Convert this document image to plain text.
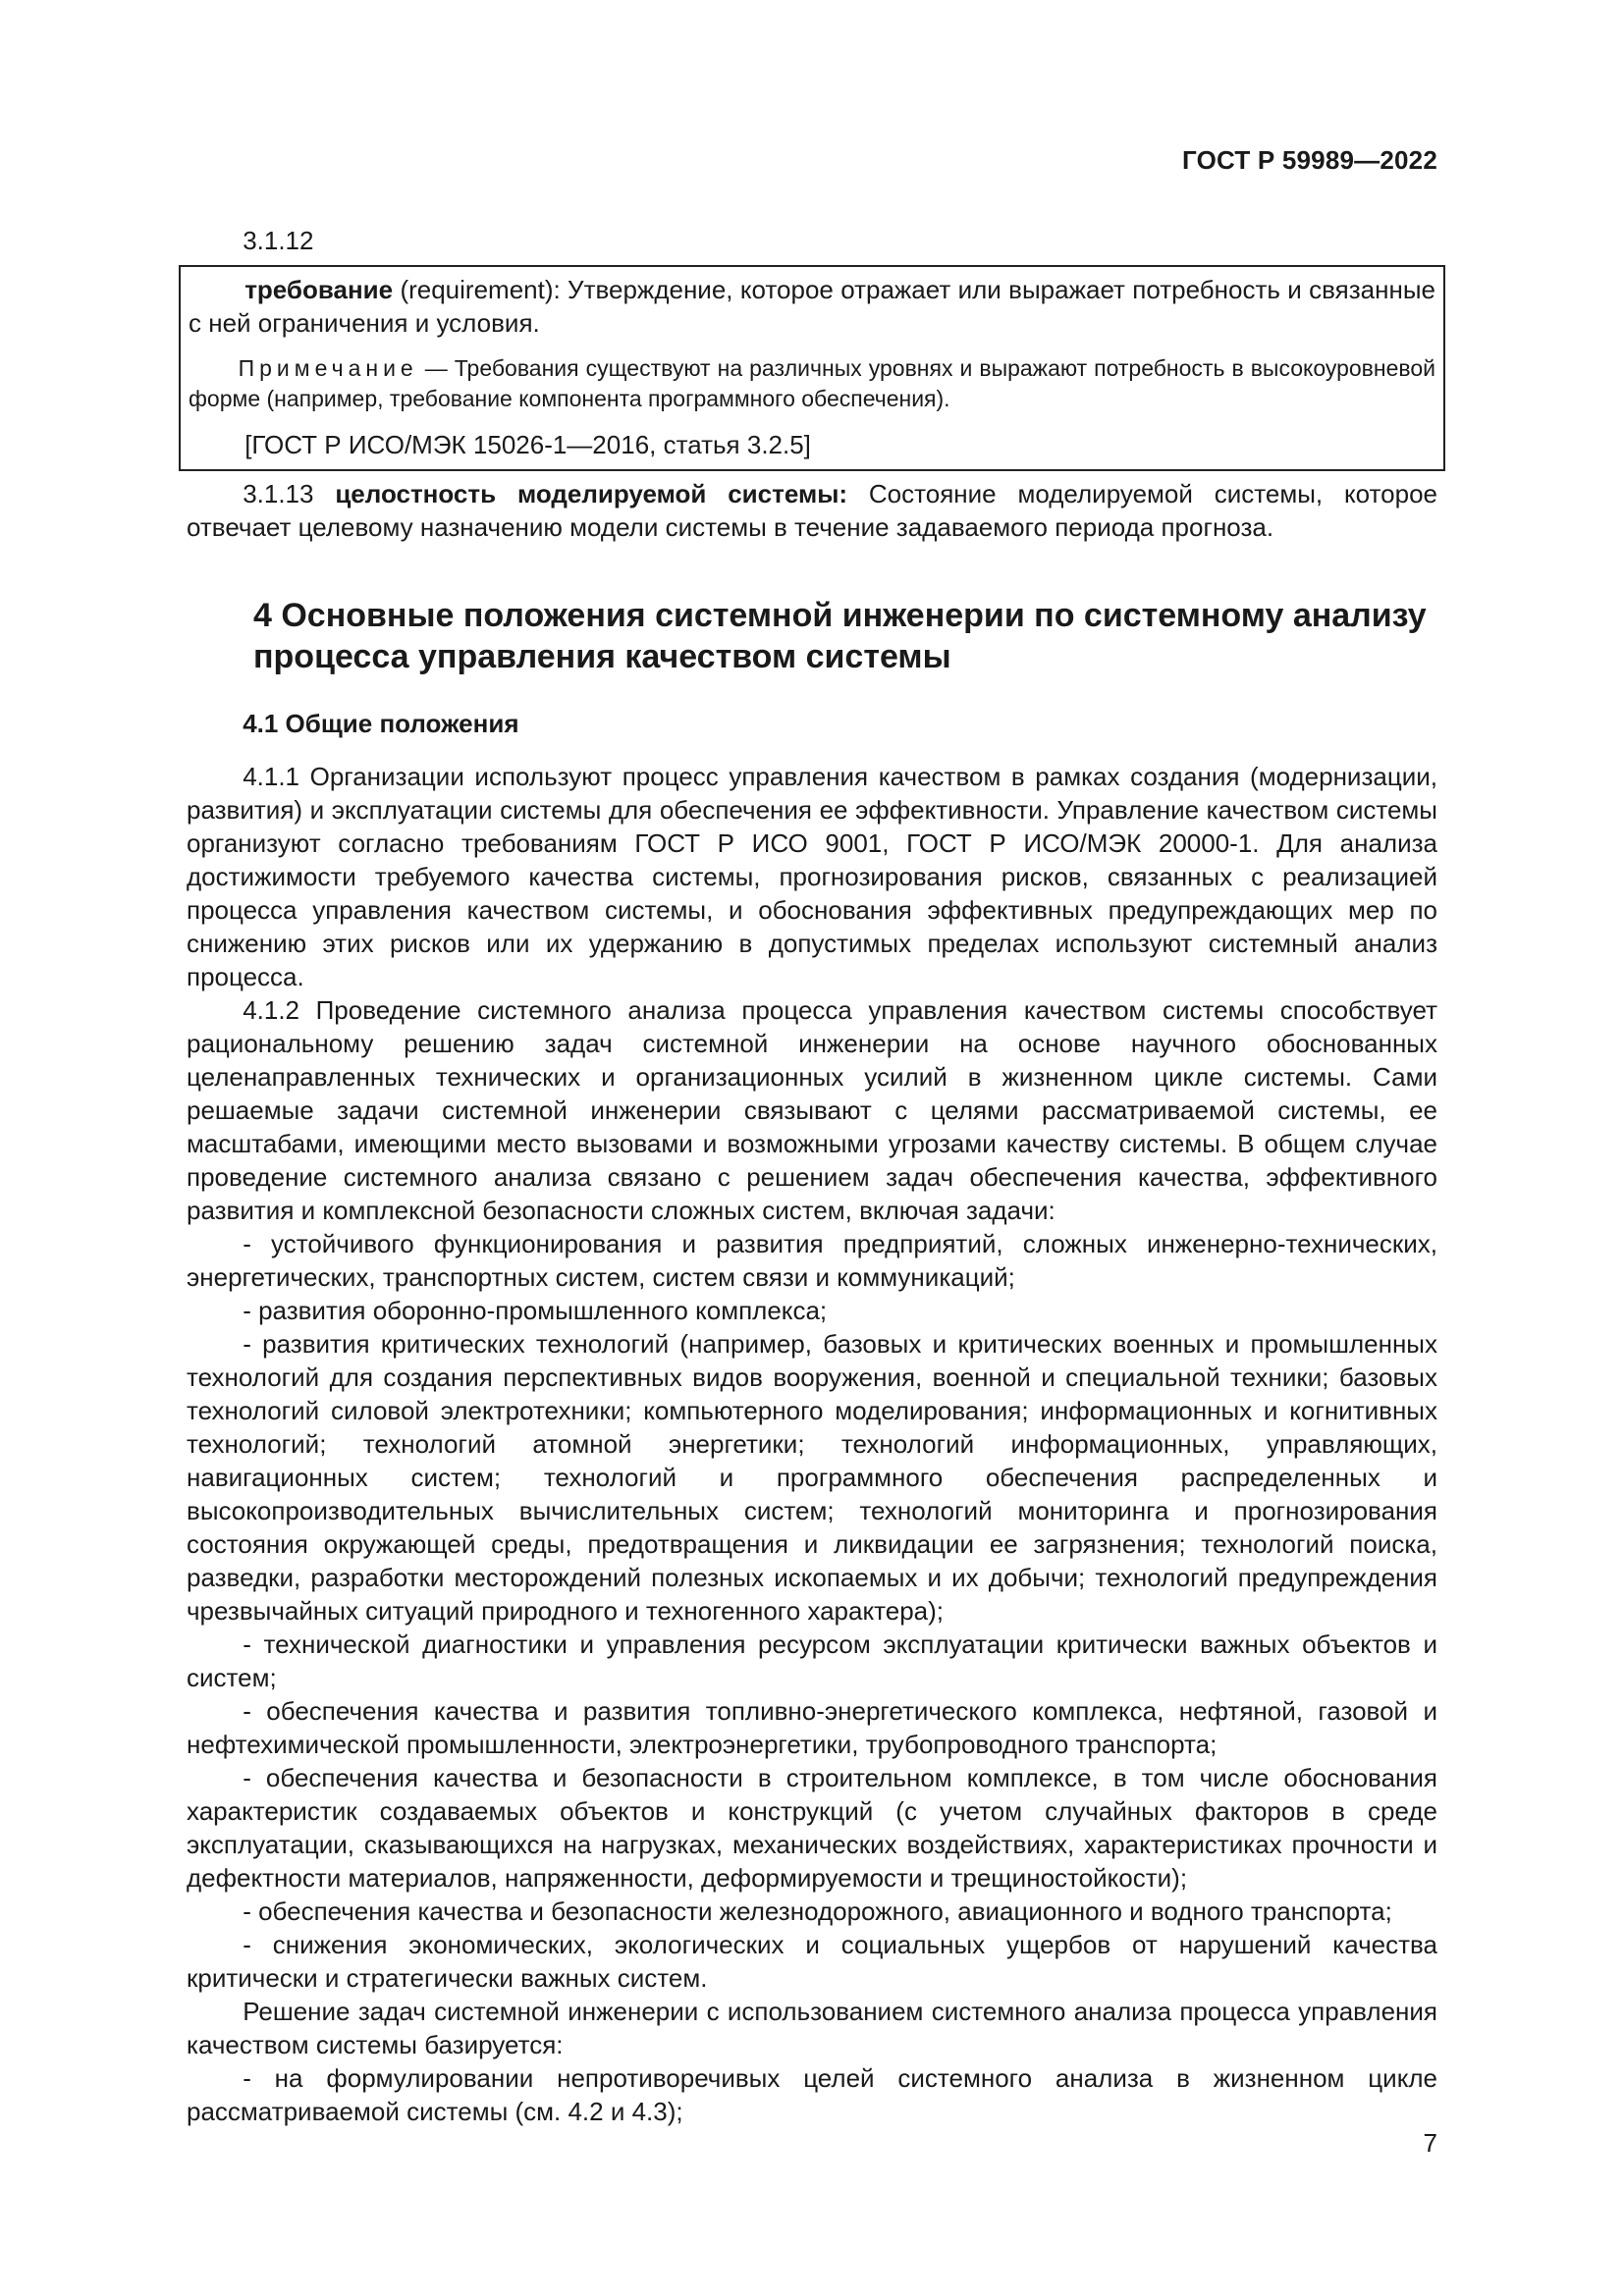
ГОСТ Р 59989—2022

3.1.12

требование (requirement): Утверждение, которое отражает или выражает потребность и связанные с ней ограничения и условия.

Примечание — Требования существуют на различных уровнях и выражают потребность в высокоуровневой форме (например, требование компонента программного обеспечения).

[ГОСТ Р ИСО/МЭК 15026-1—2016, статья 3.2.5]

3.1.13 целостность моделируемой системы: Состояние моделируемой системы, которое отвечает целевому назначению модели системы в течение задаваемого периода прогноза.

4 Основные положения системной инженерии по системному анализу
процесса управления качеством системы
4.1 Общие положения

4.1.1 Организации используют процесс управления качеством в рамках создания (модернизации, развития) и эксплуатации системы для обеспечения ее эффективности. Управление качеством системы организуют согласно требованиям ГОСТ Р ИСО 9001, ГОСТ Р ИСО/МЭК 20000-1. Для анализа достижимости требуемого качества системы, прогнозирования рисков, связанных с реализацией процесса управления качеством системы, и обоснования эффективных предупреждающих мер по снижению этих рисков или их удержанию в допустимых пределах используют системный анализ процесса.

4.1.2 Проведение системного анализа процесса управления качеством системы способствует рациональному решению задач системной инженерии на основе научного обоснованных целенаправленных технических и организационных усилий в жизненном цикле системы. Сами решаемые задачи системной инженерии связывают с целями рассматриваемой системы, ее масштабами, имеющими место вызовами и возможными угрозами качеству системы. В общем случае проведение системного анализа связано с решением задач обеспечения качества, эффективного развития и комплексной безопасности сложных систем, включая задачи:

- устойчивого функционирования и развития предприятий, сложных инженерно-технических, энергетических, транспортных систем, систем связи и коммуникаций;

- развития оборонно-промышленного комплекса;

- развития критических технологий (например, базовых и критических военных и промышленных технологий для создания перспективных видов вооружения, военной и специальной техники; базовых технологий силовой электротехники; компьютерного моделирования; информационных и когнитивных технологий; технологий атомной энергетики; технологий информационных, управляющих, навигационных систем; технологий и программного обеспечения распределенных и высокопроизводительных вычислительных систем; технологий мониторинга и прогнозирования состояния окружающей среды, предотвращения и ликвидации ее загрязнения; технологий поиска, разведки, разработки месторождений полезных ископаемых и их добычи; технологий предупреждения чрезвычайных ситуаций природного и техногенного характера);

- технической диагностики и управления ресурсом эксплуатации критически важных объектов и систем;

- обеспечения качества и развития топливно-энергетического комплекса, нефтяной, газовой и нефтехимической промышленности, электроэнергетики, трубопроводного транспорта;

- обеспечения качества и безопасности в строительном комплексе, в том числе обоснования характеристик создаваемых объектов и конструкций (с учетом случайных факторов в среде эксплуатации, сказывающихся на нагрузках, механических воздействиях, характеристиках прочности и дефектности материалов, напряженности, деформируемости и трещиностойкости);

- обеспечения качества и безопасности железнодорожного, авиационного и водного транспорта;

- снижения экономических, экологических и социальных ущербов от нарушений качества критически и стратегически важных систем.

Решение задач системной инженерии с использованием системного анализа процесса управления качеством системы базируется:

- на формулировании непротиворечивых целей системного анализа в жизненном цикле рассматриваемой системы (см. 4.2 и 4.3);

7
